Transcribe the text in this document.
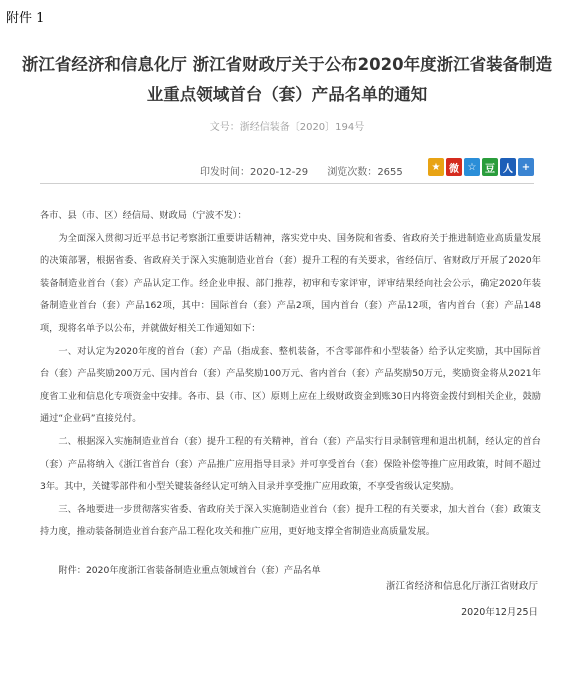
附件 1
浙江省经济和信息化厅 浙江省财政厅关于公布2020年度浙江省装备制造业重点领域首台（套）产品名单的通知
文号：浙经信装备〔2020〕194号
印发时间：2020-12-29 浏览次数：2655	★ 微 ☆ 豆 人 +

各市、县（市、区）经信局、财政局（宁波不发）：

为全面深入贯彻习近平总书记考察浙江重要讲话精神，落实党中央、国务院和省委、省政府关于推进制造业高质量发展的决策部署，根据省委、省政府关于深入实施制造业首台（套）提升工程的有关要求，省经信厅、省财政厅开展了2020年装备制造业首台（套）产品认定工作。经企业申报、部门推荐，初审和专家评审，评审结果经向社会公示，确定2020年装备制造业首台（套）产品162项，其中：国际首台（套）产品2项，国内首台（套）产品12项，省内首台（套）产品148项，现将名单予以公布，并就做好相关工作通知如下：

一、对认定为2020年度的首台（套）产品（指成套、整机装备，不含零部件和小型装备）给予认定奖励，其中国际首台（套）产品奖励200万元、国内首台（套）产品奖励100万元、省内首台（套）产品奖励50万元，奖励资金将从2021年度省工业和信息化专项资金中安排。各市、县（市、区）原则上应在上级财政资金到账30日内将资金拨付到相关企业，鼓励通过“企业码”直接兑付。

二、根据深入实施制造业首台（套）提升工程的有关精神，首台（套）产品实行目录制管理和退出机制，经认定的首台（套）产品将纳入《浙江省首台（套）产品推广应用指导目录》并可享受首台（套）保险补偿等推广应用政策，时间不超过3年。其中，关键零部件和小型关键装备经认定可纳入目录并享受推广应用政策，不享受省级认定奖励。

三、各地要进一步贯彻落实省委、省政府关于深入实施制造业首台（套）提升工程的有关要求，加大首台（套）政策支持力度，推动装备制造业首台套产品工程化攻关和推广应用，更好地支撑全省制造业高质量发展。

附件：2020年度浙江省装备制造业重点领域首台（套）产品名单

浙江省经济和信息化厅浙江省财政厅
2020年12月25日
